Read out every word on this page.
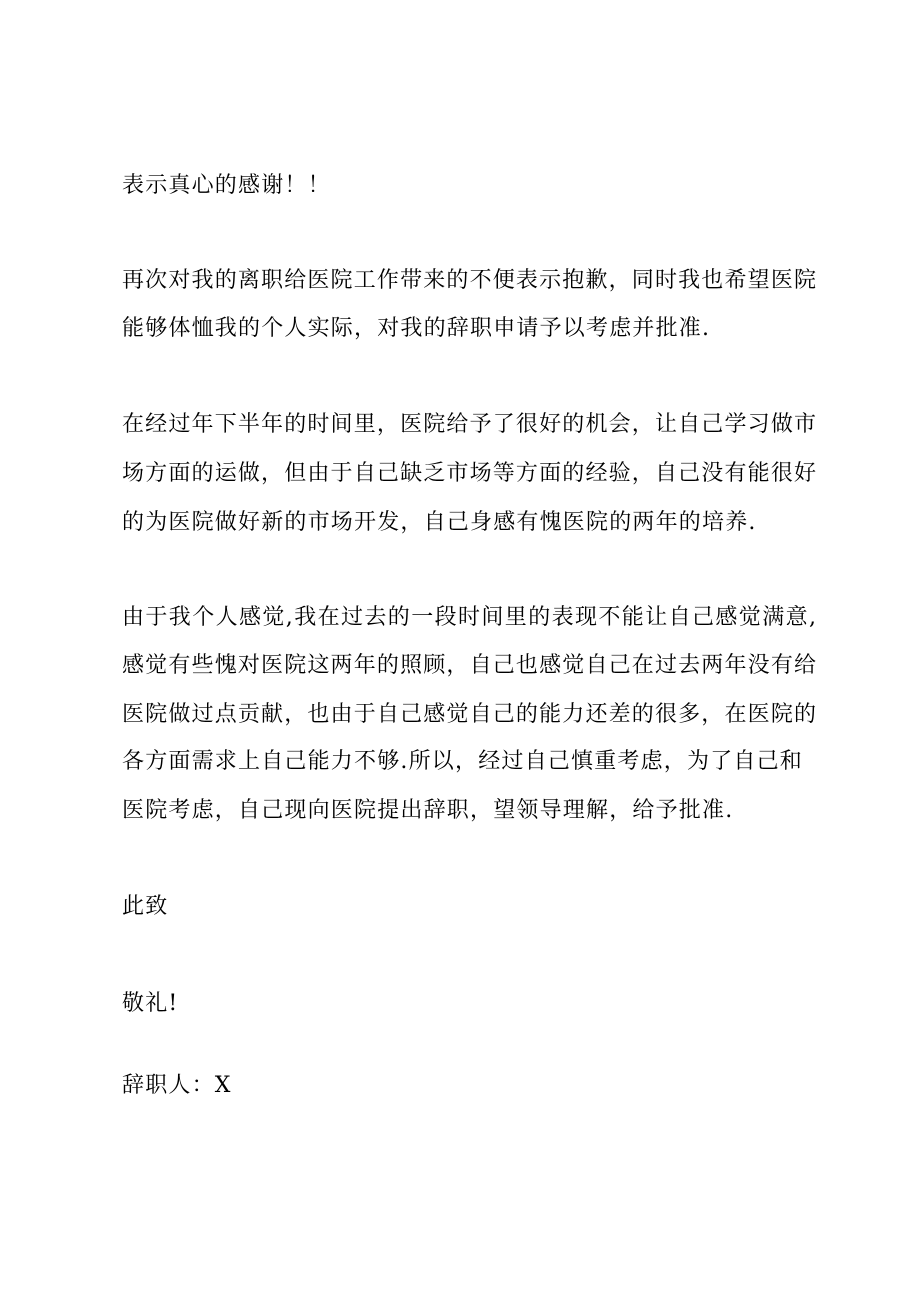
表示真心的感谢！！
再次对我的离职给医院工作带来的不便表示抱歉，同时我也希望医院
能够体恤我的个人实际，对我的辞职申请予以考虑并批准.
在经过年下半年的时间里，医院给予了很好的机会，让自己学习做市
场方面的运做，但由于自己缺乏市场等方面的经验，自己没有能很好
的为医院做好新的市场开发，自己身感有愧医院的两年的培养.
由于我个人感觉,我在过去的一段时间里的表现不能让自己感觉满意,
感觉有些愧对医院这两年的照顾，自己也感觉自己在过去两年没有给
医院做过点贡献，也由于自己感觉自己的能力还差的很多，在医院的
各方面需求上自己能力不够.所以，经过自己慎重考虑，为了自己和
医院考虑，自己现向医院提出辞职，望领导理解，给予批准.
此致
敬礼!
辞职人：X
